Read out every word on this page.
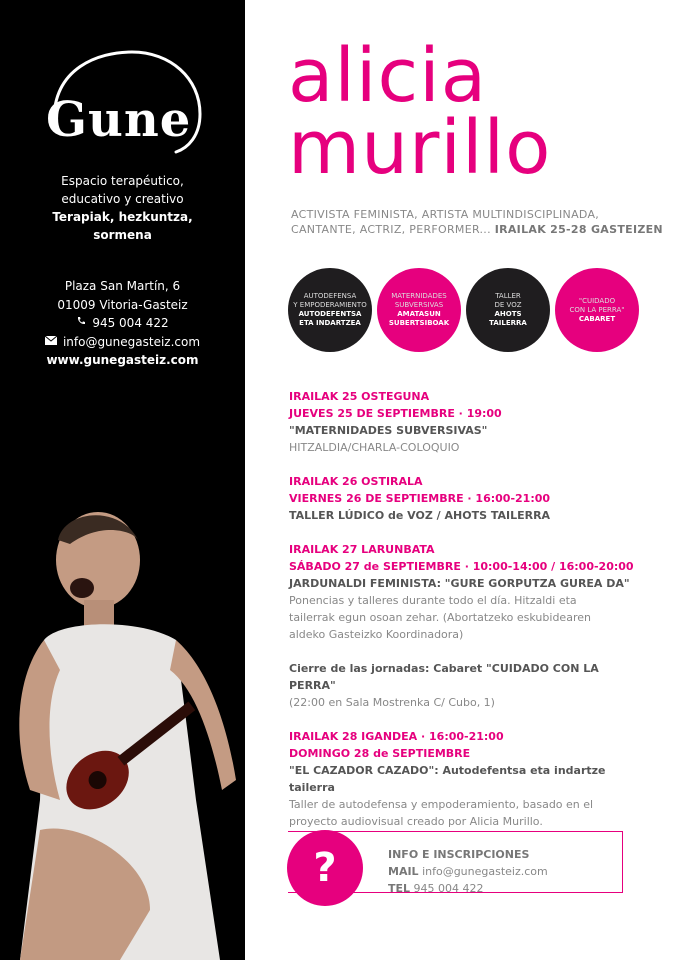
Gune
Espacio terapéutico,
educativo y creativo
Terapiak, hezkuntza,
sormena
Plaza San Martín, 6
01009 Vitoria-Gasteiz
945 004 422
info@gunegasteiz.com
www.gunegasteiz.com
alicia
murillo
ACTIVISTA FEMINISTA, ARTISTA MULTINDISCIPLINADA,
CANTANTE, ACTRIZ, PERFORMER... IRAILAK 25-28 GASTEIZEN
AUTODEFENSA
Y EMPODERAMIENTO
AUTODEFENTSA
ETA INDARTZEA
MATERNIDADES
SUBVERSIVAS
AMATASUN
SUBERTSIBOAK
TALLER
DE VOZ
AHOTS
TAILERRA
"CUIDADO
CON LA PERRA"
CABARET
IRAILAK 25 OSTEGUNA
JUEVES 25 DE SEPTIEMBRE · 19:00
"MATERNIDADES SUBVERSIVAS"
HITZALDIA/CHARLA-COLOQUIO
IRAILAK 26 OSTIRALA
VIERNES 26 DE SEPTIEMBRE · 16:00-21:00
TALLER LÚDICO de VOZ / AHOTS TAILERRA
IRAILAK 27 LARUNBATA
SÁBADO 27 de SEPTIEMBRE · 10:00-14:00 / 16:00-20:00
JARDUNALDI FEMINISTA: "GURE GORPUTZA GUREA DA"
Ponencias y talleres durante todo el día. Hitzaldi eta
tailerrak egun osoan zehar. (Abortatzeko eskubidearen
aldeko Gasteizko Koordinadora)
Cierre de las jornadas: Cabaret "CUIDADO CON LA PERRA"
(22:00 en Sala Mostrenka C/ Cubo, 1)
IRAILAK 28 IGANDEA · 16:00-21:00
DOMINGO 28 de SEPTIEMBRE
"EL CAZADOR CAZADO": Autodefentsa eta indartze tailerra
Taller de autodefensa y empoderamiento, basado en el
proyecto audiovisual creado por Alicia Murillo.
?	INFO E INSCRIPCIONES
MAIL info@gunegasteiz.com
TEL 945 004 422
